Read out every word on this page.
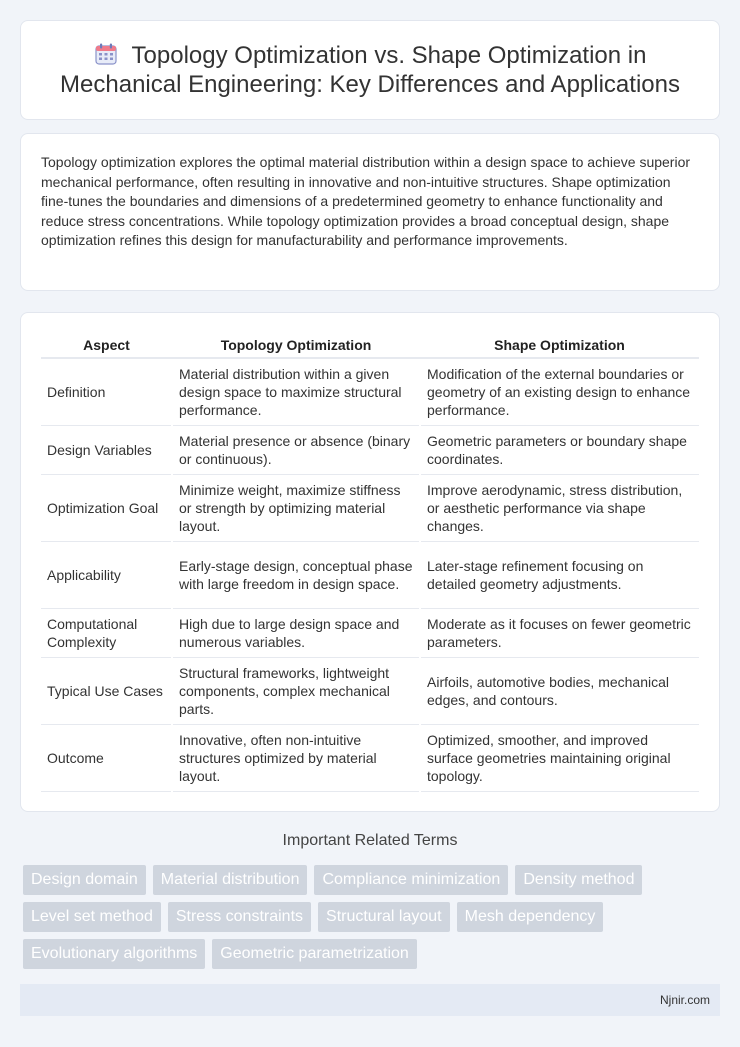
Topology Optimization vs. Shape Optimization in Mechanical Engineering: Key Differences and Applications

Topology optimization explores the optimal material distribution within a design space to achieve superior mechanical performance, often resulting in innovative and non-intuitive structures. Shape optimization fine-tunes the boundaries and dimensions of a predetermined geometry to enhance functionality and reduce stress concentrations. While topology optimization provides a broad conceptual design, shape optimization refines this design for manufacturability and performance improvements.

Aspect	Topology Optimization	Shape Optimization
Definition	Material distribution within a given design space to maximize structural performance.	Modification of the external boundaries or geometry of an existing design to enhance performance.
Design Variables	Material presence or absence (binary or continuous).	Geometric parameters or boundary shape coordinates.
Optimization Goal	Minimize weight, maximize stiffness or strength by optimizing material layout.	Improve aerodynamic, stress distribution, or aesthetic performance via shape changes.
Applicability	Early-stage design, conceptual phase with large freedom in design space.	Later-stage refinement focusing on detailed geometry adjustments.
Computational Complexity	High due to large design space and numerous variables.	Moderate as it focuses on fewer geometric parameters.
Typical Use Cases	Structural frameworks, lightweight components, complex mechanical parts.	Airfoils, automotive bodies, mechanical edges, and contours.
Outcome	Innovative, often non-intuitive structures optimized by material layout.	Optimized, smoother, and improved surface geometries maintaining original topology.
Important Related Terms
Design domain	Material distribution	Compliance minimization	Density method
Level set method	Stress constraints	Structural layout	Mesh dependency
Evolutionary algorithms	Geometric parametrization
Njnir.com
